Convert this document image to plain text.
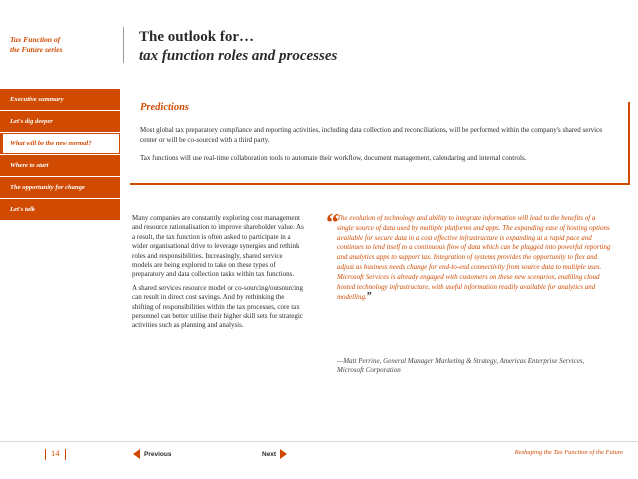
Tax Function of
the Future series
Executive summary
Let's dig deeper
What will be the new normal?
Where to start
The opportunity for change
Let's talk
The outlook for…
tax function roles and processes
Predictions

Most global tax preparatory compliance and reporting activities, including data collection and reconciliations, will be performed within the company's shared service center or will be co-sourced with a third party.

Tax functions will use real-time collaboration tools to automate their workflow, document management, calendaring and internal controls.

Many companies are constantly exploring cost management and resource rationalisation to improve shareholder value. As a result, the tax function is often asked to participate in a wider organisational drive to leverage synergies and rethink roles and responsibilities. Increasingly, shared service models are being explored to take on these types of preparatory and data collection tasks within tax functions.

A shared services resource model or co-sourcing/outsourcing can result in direct cost savings. And by rethinking the shifting of responsibilities within the tax processes, core tax personnel can better utilise their higher skill sets for strategic activities such as planning and analysis.

“
The evolution of technology and ability to integrate information will lead to the benefits of a single source of data used by multiple platforms and apps. The expanding ease of hosting options available for secure data in a cost effective infrastructure is expanding at a rapid pace and continues to lend itself to a continuous flow of data which can be plugged into powerful reporting and analytics apps to support tax. Integration of systems provides the opportunity to flex and adjust as business needs change for end-to-end connectivity from source data to multiple uses. Microsoft Services is already engaged with customers on these new scenarios, enabling cloud hosted technology infrastructure, with useful information readily available for analytics and modelling.”
—Matt Perrine, General Manager Marketing & Strategy, Americas Enterprise Services, Microsoft Corporation
14	Previous	Next	Reshaping the Tax Function of the Future
